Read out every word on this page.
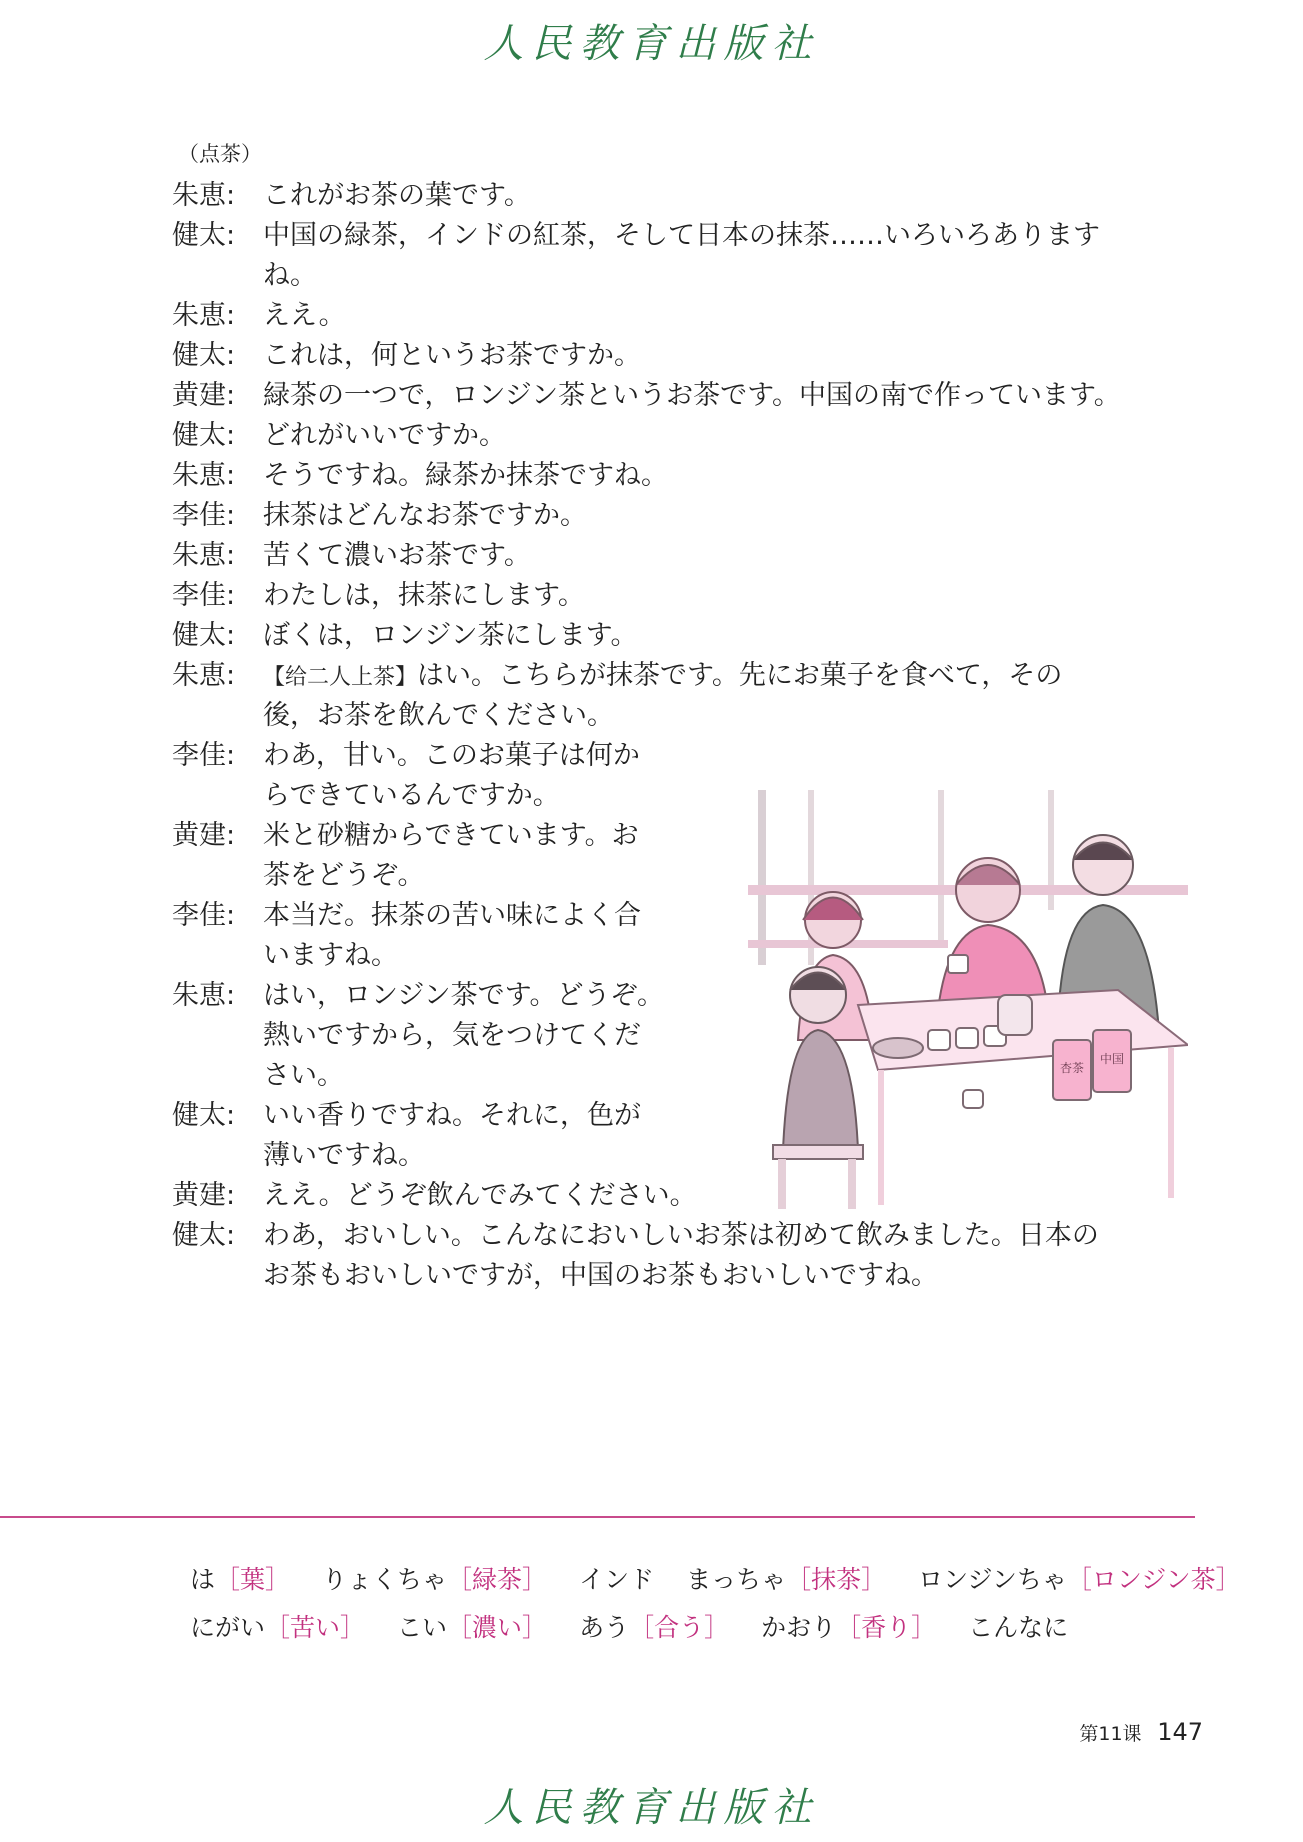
人民教育出版社
（点茶）
朱恵:	これがお茶の葉です。
健太:	中国の緑茶，インドの紅茶，そして日本の抹茶……いろいろあります
ね。
朱恵:	ええ。
健太:	これは，何というお茶ですか。
黄建:	緑茶の一つで，ロンジン茶というお茶です。中国の南で作っています。
健太:	どれがいいですか。
朱恵:	そうですね。緑茶か抹茶ですね。
李佳:	抹茶はどんなお茶ですか。
朱恵:	苦くて濃いお茶です。
李佳:	わたしは，抹茶にします。
健太:	ぼくは，ロンジン茶にします。
朱恵:	【给二人上茶】はい。こちらが抹茶です。先にお菓子を食べて，その
後，お茶を飲んでください。
李佳:	わあ，甘い。このお菓子は何か
らできているんですか。
黄建:	米と砂糖からできています。お
茶をどうぞ。
李佳:	本当だ。抹茶の苦い味によく合
いますね。
朱恵:	はい，ロンジン茶です。どうぞ。
熱いですから，気をつけてくだ
さい。
健太:	いい香りですね。それに，色が
薄いですね。
黄建:	ええ。どうぞ飲んでみてください。
健太:	わあ，おいしい。こんなにおいしいお茶は初めて飲みました。日本の
お茶もおいしいですが，中国のお茶もおいしいですね。
杏茶
中国
は［葉］ りょくちゃ［緑茶］ インド まっちゃ［抹茶］ ロンジンちゃ［ロンジン茶］
にがい［苦い］ こい［濃い］ あう［合う］ かおり［香り］ こんなに
第11课 147
人民教育出版社
